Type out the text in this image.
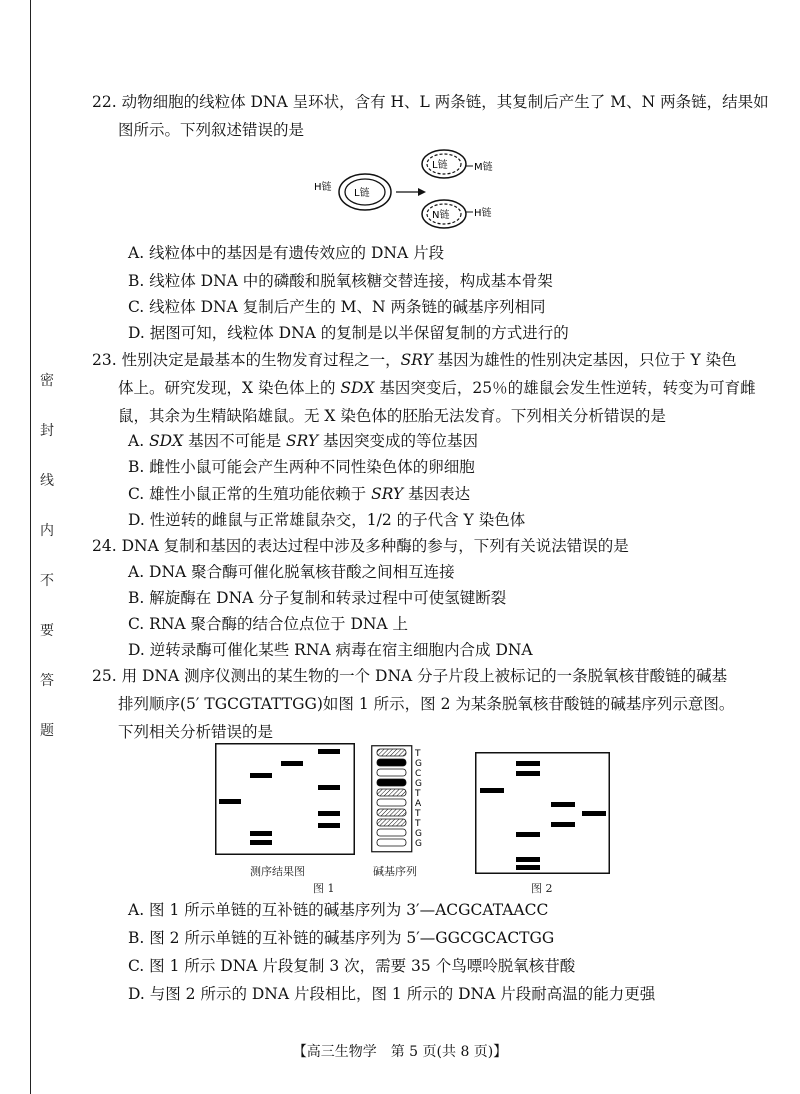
密
封
线
内
不
要
答
题
22. 动物细胞的线粒体 DNA 呈环状，含有 H、L 两条链，其复制后产生了 M、N 两条链，结果如
图所示。下列叙述错误的是
H链
L链
L链	M链
N链 H链
A. 线粒体中的基因是有遗传效应的 DNA 片段
B. 线粒体 DNA 中的磷酸和脱氧核糖交替连接，构成基本骨架
C. 线粒体 DNA 复制后产生的 M、N 两条链的碱基序列相同
D. 据图可知，线粒体 DNA 的复制是以半保留复制的方式进行的
23. 性别决定是最基本的生物发育过程之一，SRY 基因为雄性的性别决定基因，只位于 Y 染色
体上。研究发现，X 染色体上的 SDX 基因突变后，25％的雄鼠会发生性逆转，转变为可育雌
鼠，其余为生精缺陷雄鼠。无 X 染色体的胚胎无法发育。下列相关分析错误的是
A. SDX 基因不可能是 SRY 基因突变成的等位基因
B. 雌性小鼠可能会产生两种不同性染色体的卵细胞
C. 雄性小鼠正常的生殖功能依赖于 SRY 基因表达
D. 性逆转的雌鼠与正常雄鼠杂交，1/2 的子代含 Y 染色体
24. DNA 复制和基因的表达过程中涉及多种酶的参与，下列有关说法错误的是
A. DNA 聚合酶可催化脱氧核苷酸之间相互连接
B. 解旋酶在 DNA 分子复制和转录过程中可使氢键断裂
C. RNA 聚合酶的结合位点位于 DNA 上
D. 逆转录酶可催化某些 RNA 病毒在宿主细胞内合成 DNA
25. 用 DNA 测序仪测出的某生物的一个 DNA 分子片段上被标记的一条脱氧核苷酸链的碱基
排列顺序(5′ TGCGTATTGG)如图 1 所示，图 2 为某条脱氧核苷酸链的碱基序列示意图。
下列相关分析错误的是
测序结果图
T
G
C
G
T
A
T
T
G
G
碱基序列
图 1	图 2
A. 图 1 所示单链的互补链的碱基序列为 3′—ACGCATAACC
B. 图 2 所示单链的互补链的碱基序列为 5′—GGCGCACTGG
C. 图 1 所示 DNA 片段复制 3 次，需要 35 个鸟嘌呤脱氧核苷酸
D. 与图 2 所示的 DNA 片段相比，图 1 所示的 DNA 片段耐高温的能力更强
【高三生物学　第 5 页(共 8 页)】
